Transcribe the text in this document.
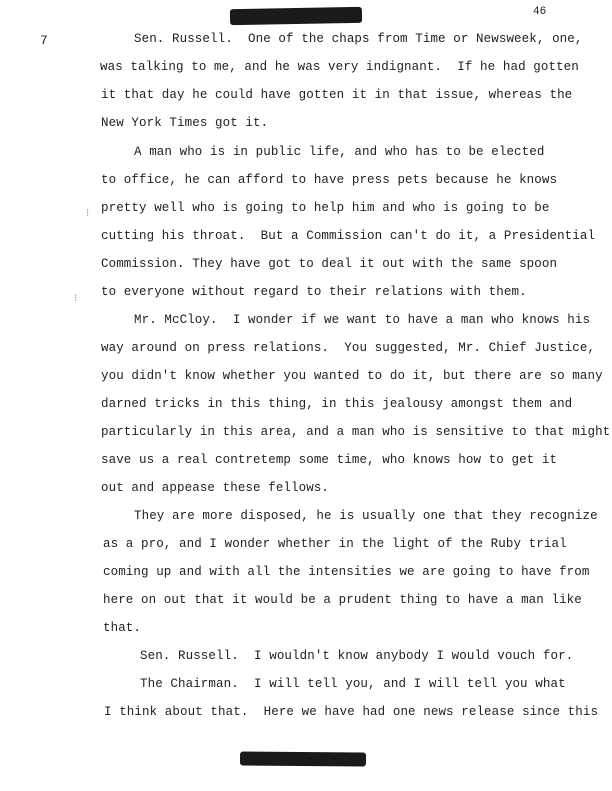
46
7
⁝
⁝
Sen. Russell.  One of the chaps from Time or Newsweek, one,
was talking to me, and he was very indignant.  If he had gotten
it that day he could have gotten it in that issue, whereas the
New York Times got it.
A man who is in public life, and who has to be elected
to office, he can afford to have press pets because he knows
pretty well who is going to help him and who is going to be
cutting his throat.  But a Commission can't do it, a Presidential
Commission. They have got to deal it out with the same spoon
to everyone without regard to their relations with them.
Mr. McCloy.  I wonder if we want to have a man who knows his
way around on press relations.  You suggested, Mr. Chief Justice,
you didn't know whether you wanted to do it, but there are so many
darned tricks in this thing, in this jealousy amongst them and
particularly in this area, and a man who is sensitive to that might
save us a real contretemp some time, who knows how to get it
out and appease these fellows.
They are more disposed, he is usually one that they recognize
as a pro, and I wonder whether in the light of the Ruby trial
coming up and with all the intensities we are going to have from
here on out that it would be a prudent thing to have a man like
that.
Sen. Russell.  I wouldn't know anybody I would vouch for.
The Chairman.  I will tell you, and I will tell you what
I think about that.  Here we have had one news release since this
